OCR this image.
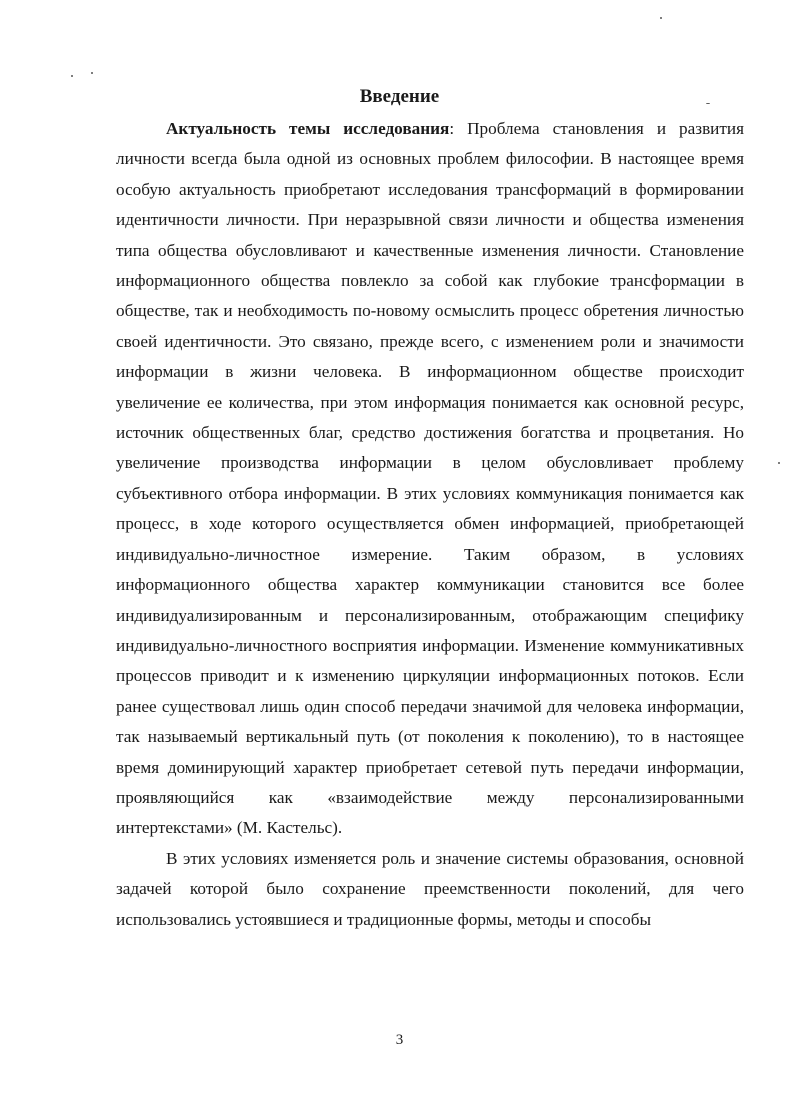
Введение

Актуальность темы исследования: Проблема становления и развития личности всегда была одной из основных проблем философии. В настоящее время особую актуальность приобретают исследования трансформаций в формировании идентичности личности. При неразрывной связи личности и общества изменения типа общества обусловливают и качественные изменения личности. Становление информационного общества повлекло за собой как глубокие трансформации в обществе, так и необходимость по-новому осмыслить процесс обретения личностью своей идентичности. Это связано, прежде всего, с изменением роли и значимости информации в жизни человека. В информационном обществе происходит увеличение ее количества, при этом информация понимается как основной ресурс, источник общественных благ, средство достижения богатства и процветания. Но увеличение производства информации в целом обусловливает проблему субъективного отбора информации. В этих условиях коммуникация понимается как процесс, в ходе которого осуществляется обмен информацией, приобретающей индивидуально-личностное измерение. Таким образом, в условиях информационного общества характер коммуникации становится все более индивидуализированным и персонализированным, отображающим специфику индивидуально-личностного восприятия информации. Изменение коммуникативных процессов приводит и к изменению циркуляции информационных потоков. Если ранее существовал лишь один способ передачи значимой для человека информации, так называемый вертикальный путь (от поколения к поколению), то в настоящее время доминирующий характер приобретает сетевой путь передачи информации, проявляющийся как «взаимодействие между персонализированными интертекстами» (М. Кастельс).

В этих условиях изменяется роль и значение системы образования, основной задачей которой было сохранение преемственности поколений, для чего использовались устоявшиеся и традиционные формы, методы и способы

3
